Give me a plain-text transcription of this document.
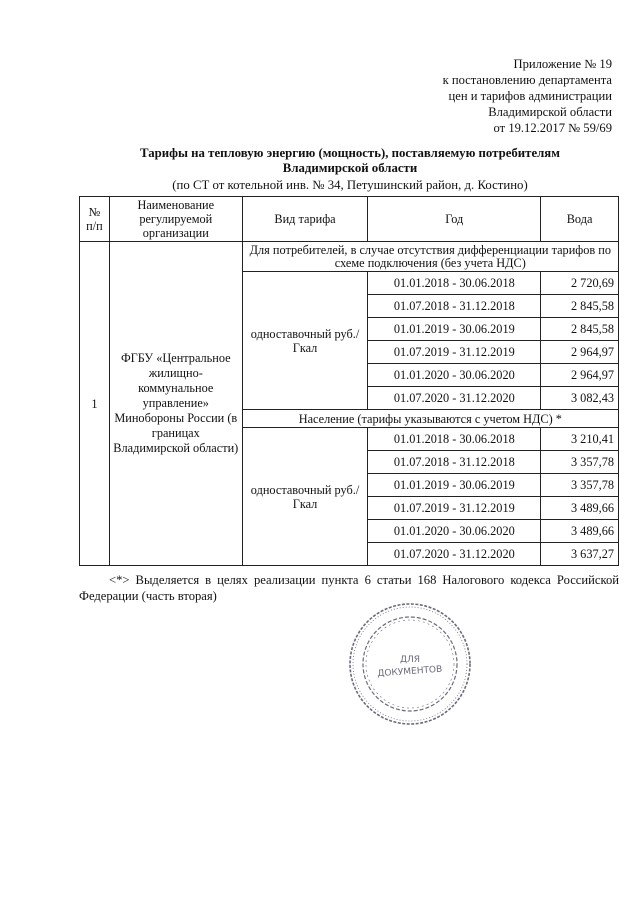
Приложение № 19
к постановлению департамента
цен и тарифов администрации
Владимирской области
от 19.12.2017 № 59/69
Тарифы на тепловую энергию (мощность), поставляемую потребителям
Владимирской области
(по СТ от котельной инв. № 34, Петушинский район, д. Костино)
№ п/п	Наименование регулируемой организации	Вид тарифа	Год	Вода
1	ФГБУ «Центральное жилищно-коммунальное управление» Минобороны России (в границах Владимирской области)	Для потребителей, в случае отсутствия дифференциации тарифов по схеме подключения (без учета НДС)		
		одноставочный руб./Гкал	01.01.2018 - 30.06.2018	2 720,69
			01.07.2018 - 31.12.2018	2 845,58
			01.01.2019 - 30.06.2019	2 845,58
			01.07.2019 - 31.12.2019	2 964,97
			01.01.2020 - 30.06.2020	2 964,97
			01.07.2020 - 31.12.2020	3 082,43
		Население (тарифы указываются с учетом НДС) *		
		одноставочный руб./Гкал	01.01.2018 - 30.06.2018	3 210,41
			01.07.2018 - 31.12.2018	3 357,78
			01.01.2019 - 30.06.2019	3 357,78
			01.07.2019 - 31.12.2019	3 489,66
			01.01.2020 - 30.06.2020	3 489,66
			01.07.2020 - 31.12.2020	3 637,27
<*> Выделяется в целях реализации пункта 6 статьи 168 Налогового кодекса Российской Федерации (часть вторая)
ДЛЯ
ДОКУМЕНТОВ
